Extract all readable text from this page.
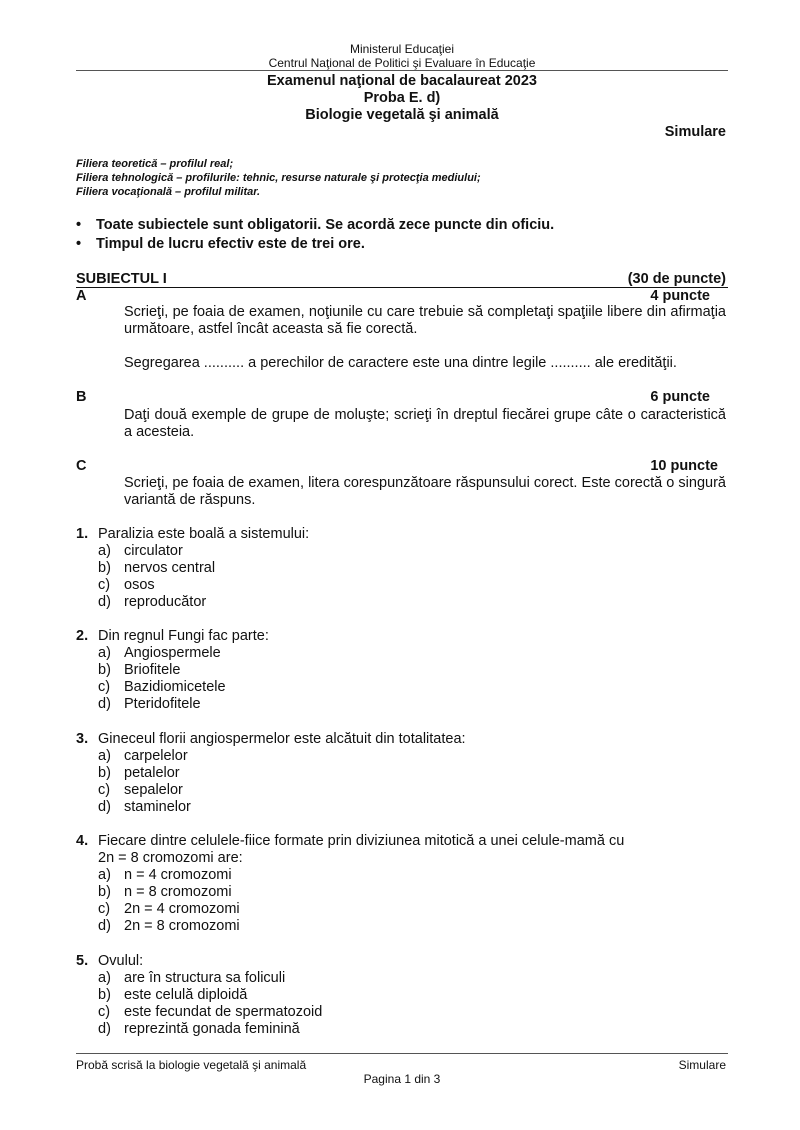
Ministerul Educaţiei
Centrul Naţional de Politici şi Evaluare în Educaţie
Examenul naţional de bacalaureat 2023
Proba E. d)
Biologie vegetală şi animală
Simulare
Filiera teoretică – profilul real;
Filiera tehnologică – profilurile: tehnic, resurse naturale şi protecţia mediului;
Filiera vocaţională – profilul militar.
• Toate subiectele sunt obligatorii. Se acordă zece puncte din oficiu.
• Timpul de lucru efectiv este de trei ore.
SUBIECTUL I	(30 de puncte)
A	4 puncte
Scrieţi, pe foaia de examen, noţiunile cu care trebuie să completaţi spaţiile libere din afirmaţia următoare, astfel încât aceasta să fie corectă.
Segregarea .......... a perechilor de caractere este una dintre legile .......... ale eredităţii.
B	6 puncte
Daţi două exemple de grupe de moluşte; scrieţi în dreptul fiecărei grupe câte o caracteristică a acesteia.
C	10 puncte
Scrieţi, pe foaia de examen, litera corespunzătoare răspunsului corect. Este corectă o singură variantă de răspuns.
1. Paralizia este boală a sistemului:
a) circulator
b) nervos central
c) osos
d) reproducător
2. Din regnul Fungi fac parte:
a) Angiospermele
b) Briofitele
c) Bazidiomicetele
d) Pteridofitele
3. Gineceul florii angiospermelor este alcătuit din totalitatea:
a) carpelelor
b) petalelor
c) sepalelor
d) staminelor
4. Fiecare dintre celulele-fiice formate prin diviziunea mitotică a unei celule-mamă cu
2n = 8 cromozomi are:
a) n = 4 cromozomi
b) n = 8 cromozomi
c) 2n = 4 cromozomi
d) 2n = 8 cromozomi
5. Ovulul:
a) are în structura sa foliculi
b) este celulă diploidă
c) este fecundat de spermatozoid
d) reprezintă gonada feminină
Probă scrisă la biologie vegetală şi animală	Simulare
Pagina 1 din 3
